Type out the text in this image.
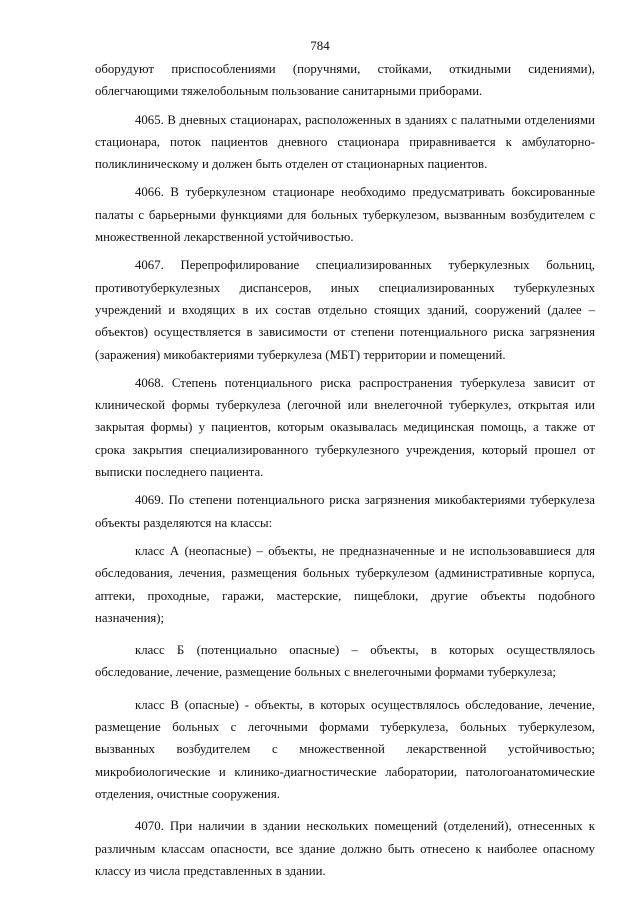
784

оборудуют приспособлениями (поручнями, стойками, откидными сидениями), облегчающими тяжелобольным пользование санитарными приборами.

4065. В дневных стационарах, расположенных в зданиях с палатными отделениями стационара, поток пациентов дневного стационара приравнивается к амбулаторно-поликлиническому и должен быть отделен от стационарных пациентов.

4066. В туберкулезном стационаре необходимо предусматривать боксированные палаты с барьерными функциями для больных туберкулезом, вызванным возбудителем с множественной лекарственной устойчивостью.

4067. Перепрофилирование специализированных туберкулезных больниц, противотуберкулезных диспансеров, иных специализированных туберкулезных учреждений и входящих в их состав отдельно стоящих зданий, сооружений (далее – объектов) осуществляется в зависимости от степени потенциального риска загрязнения (заражения) микобактериями туберкулеза (МБТ) территории и помещений.

4068. Степень потенциального риска распространения туберкулеза зависит от клинической формы туберкулеза (легочной или внелегочной туберкулез, открытая или закрытая формы) у пациентов, которым оказывалась медицинская помощь, а также от срока закрытия специализированного туберкулезного учреждения, который прошел от выписки последнего пациента.

4069. По степени потенциального риска загрязнения микобактериями туберкулеза объекты разделяются на классы:

класс А (неопасные) – объекты, не предназначенные и не использовавшиеся для обследования, лечения, размещения больных туберкулезом (административные корпуса, аптеки, проходные, гаражи, мастерские, пищеблоки, другие объекты подобного назначения);

класс Б (потенциально опасные) – объекты, в которых осуществлялось обследование, лечение, размещение больных с внелегочными формами туберкулеза;

класс В (опасные) - объекты, в которых осуществлялось обследование, лечение, размещение больных с легочными формами туберкулеза, больных туберкулезом, вызванных возбудителем с множественной лекарственной устойчивостью; микробиологические и клинико-диагностические лаборатории, патологоанатомические отделения, очистные сооружения.

4070. При наличии в здании нескольких помещений (отделений), отнесенных к различным классам опасности, все здание должно быть отнесено к наиболее опасному классу из числа представленных в здании.
